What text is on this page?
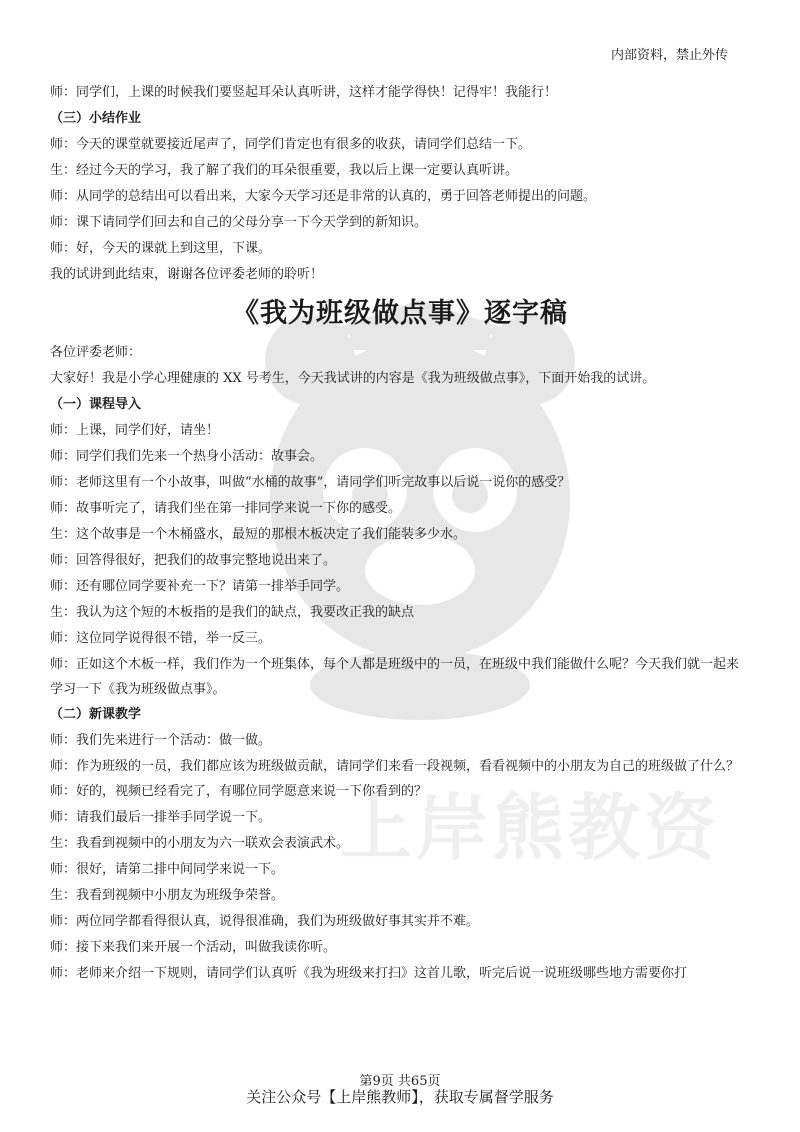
上岸熊教资
内部资料，禁止外传
师：同学们，上课的时候我们要竖起耳朵认真听讲，这样才能学得快！记得牢！我能行！
（三）小结作业
师：今天的课堂就要接近尾声了，同学们肯定也有很多的收获，请同学们总结一下。
生：经过今天的学习，我了解了我们的耳朵很重要，我以后上课一定要认真听讲。
师：从同学的总结出可以看出来，大家今天学习还是非常的认真的，勇于回答老师提出的问题。
师：课下请同学们回去和自己的父母分享一下今天学到的新知识。
师：好，今天的课就上到这里，下课。
我的试讲到此结束，谢谢各位评委老师的聆听！
《我为班级做点事》逐字稿
各位评委老师：
大家好！我是小学心理健康的 XX 号考生，今天我试讲的内容是《我为班级做点事》，下面开始我的试讲。
（一）课程导入
师：上课，同学们好，请坐！
师：同学们我们先来一个热身小活动：故事会。
师：老师这里有一个小故事，叫做“水桶的故事”，请同学们听完故事以后说一说你的感受？
师：故事听完了，请我们坐在第一排同学来说一下你的感受。
生：这个故事是一个木桶盛水，最短的那根木板决定了我们能装多少水。
师：回答得很好，把我们的故事完整地说出来了。
师：还有哪位同学要补充一下？请第一排举手同学。
生：我认为这个短的木板指的是我们的缺点，我要改正我的缺点
师：这位同学说得很不错，举一反三。
师：正如这个木板一样，我们作为一个班集体，每个人都是班级中的一员，在班级中我们能做什么呢？今天我们就一起来学习一下《我为班级做点事》。
（二）新课教学
师：我们先来进行一个活动：做一做。
师：作为班级的一员，我们都应该为班级做贡献，请同学们来看一段视频，看看视频中的小朋友为自己的班级做了什么？
师：好的，视频已经看完了，有哪位同学愿意来说一下你看到的？
师：请我们最后一排举手同学说一下。
生：我看到视频中的小朋友为六一联欢会表演武术。
师：很好，请第二排中间同学来说一下。
生：我看到视频中小朋友为班级争荣誉。
师：两位同学都看得很认真，说得很准确，我们为班级做好事其实并不难。
师：接下来我们来开展一个活动，叫做我读你听。
师：老师来介绍一下规则，请同学们认真听《我为班级来打扫》这首儿歌，听完后说一说班级哪些地方需要你打
第9页 共65页
关注公众号【上岸熊教师】，获取专属督学服务
